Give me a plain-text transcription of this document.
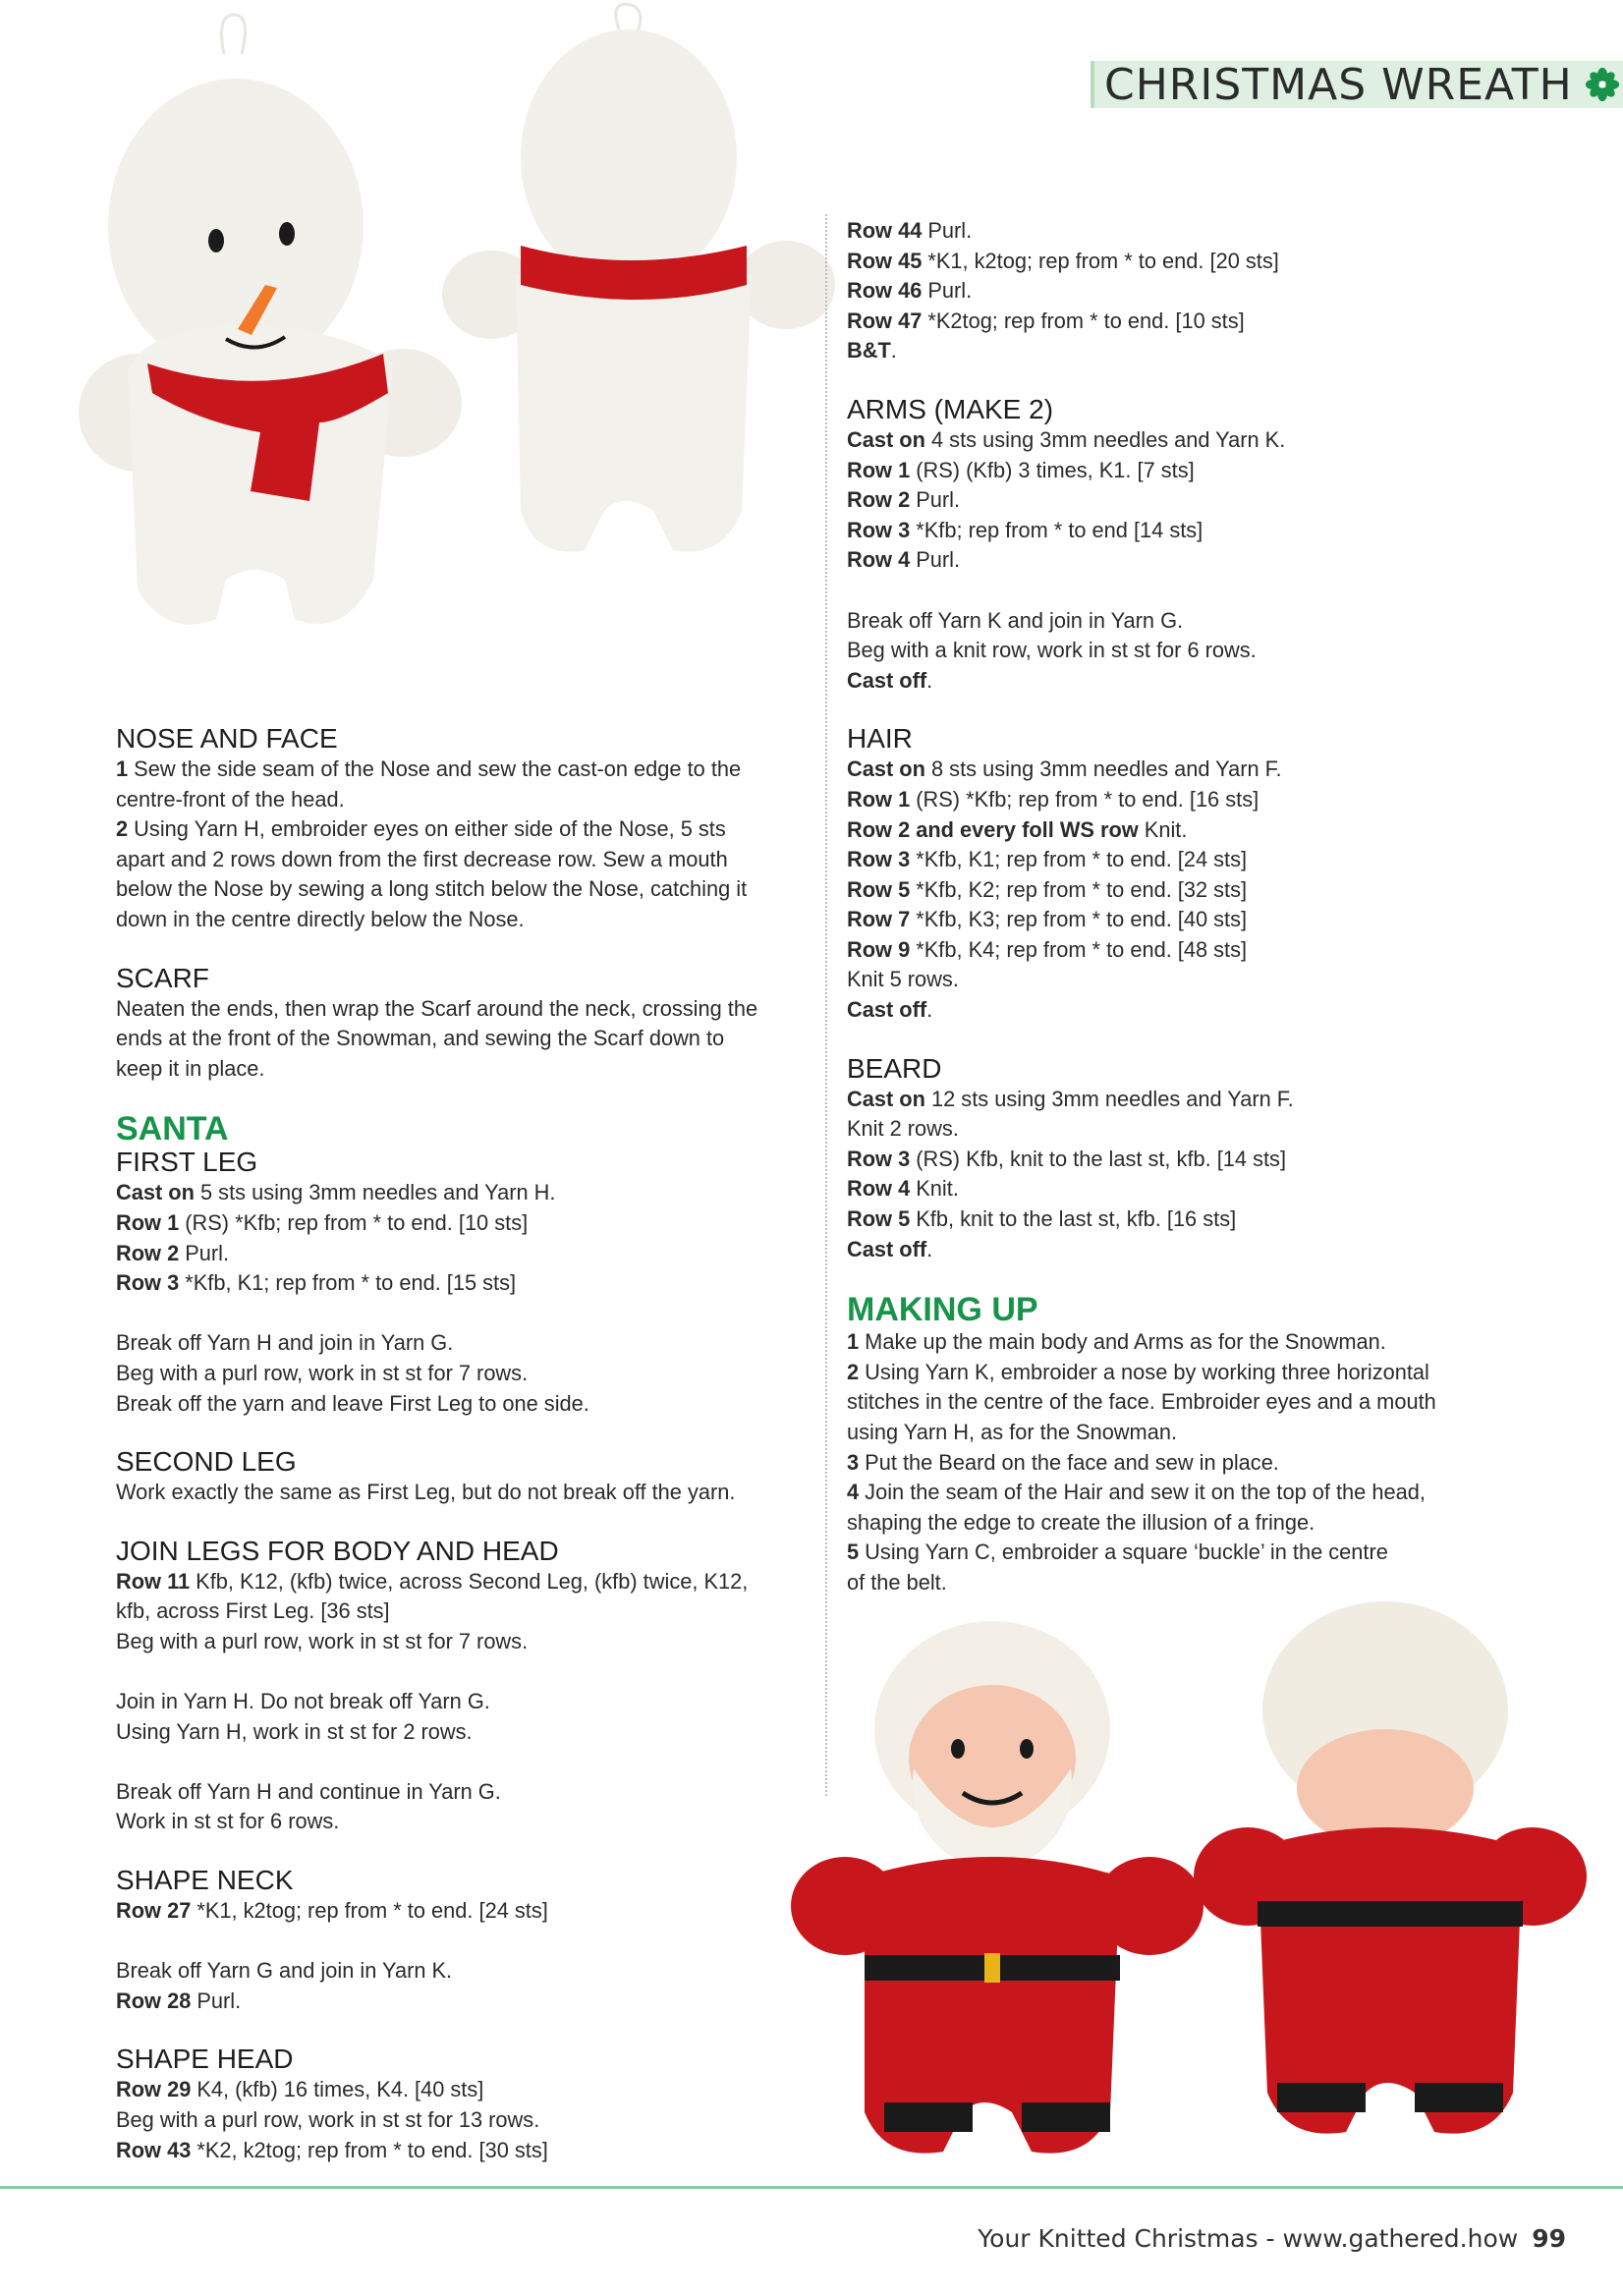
CHRISTMAS WREATH

NOSE AND FACE

1 Sew the side seam of the Nose and sew the cast-on edge to the

centre-front of the head.

2 Using Yarn H, embroider eyes on either side of the Nose, 5 sts

apart and 2 rows down from the first decrease row. Sew a mouth

below the Nose by sewing a long stitch below the Nose, catching it

down in the centre directly below the Nose.

SCARF

Neaten the ends, then wrap the Scarf around the neck, crossing the

ends at the front of the Snowman, and sewing the Scarf down to

keep it in place.

SANTA

FIRST LEG

Cast on 5 sts using 3mm needles and Yarn H.

Row 1 (RS) *Kfb; rep from * to end. [10 sts]

Row 2 Purl.

Row 3 *Kfb, K1; rep from * to end. [15 sts]

Break off Yarn H and join in Yarn G.

Beg with a purl row, work in st st for 7 rows.

Break off the yarn and leave First Leg to one side.

SECOND LEG

Work exactly the same as First Leg, but do not break off the yarn.

JOIN LEGS FOR BODY AND HEAD

Row 11 Kfb, K12, (kfb) twice, across Second Leg, (kfb) twice, K12,

kfb, across First Leg. [36 sts]

Beg with a purl row, work in st st for 7 rows.

Join in Yarn H. Do not break off Yarn G.

Using Yarn H, work in st st for 2 rows.

Break off Yarn H and continue in Yarn G.

Work in st st for 6 rows.

SHAPE NECK

Row 27 *K1, k2tog; rep from * to end. [24 sts]

Break off Yarn G and join in Yarn K.

Row 28 Purl.

SHAPE HEAD

Row 29 K4, (kfb) 16 times, K4. [40 sts]

Beg with a purl row, work in st st for 13 rows.

Row 43 *K2, k2tog; rep from * to end. [30 sts]

Row 44 Purl.

Row 45 *K1, k2tog; rep from * to end. [20 sts]

Row 46 Purl.

Row 47 *K2tog; rep from * to end. [10 sts]

B&T.

ARMS (MAKE 2)

Cast on 4 sts using 3mm needles and Yarn K.

Row 1 (RS) (Kfb) 3 times, K1. [7 sts]

Row 2 Purl.

Row 3 *Kfb; rep from * to end [14 sts]

Row 4 Purl.

Break off Yarn K and join in Yarn G.

Beg with a knit row, work in st st for 6 rows.

Cast off.

HAIR

Cast on 8 sts using 3mm needles and Yarn F.

Row 1 (RS) *Kfb; rep from * to end. [16 sts]

Row 2 and every foll WS row Knit.

Row 3 *Kfb, K1; rep from * to end. [24 sts]

Row 5 *Kfb, K2; rep from * to end. [32 sts]

Row 7 *Kfb, K3; rep from * to end. [40 sts]

Row 9 *Kfb, K4; rep from * to end. [48 sts]

Knit 5 rows.

Cast off.

BEARD

Cast on 12 sts using 3mm needles and Yarn F.

Knit 2 rows.

Row 3 (RS) Kfb, knit to the last st, kfb. [14 sts]

Row 4 Knit.

Row 5 Kfb, knit to the last st, kfb. [16 sts]

Cast off.

MAKING UP

1 Make up the main body and Arms as for the Snowman.

2 Using Yarn K, embroider a nose by working three horizontal

stitches in the centre of the face. Embroider eyes and a mouth

using Yarn H, as for the Snowman.

3 Put the Beard on the face and sew in place.

4 Join the seam of the Hair and sew it on the top of the head,

shaping the edge to create the illusion of a fringe.

5 Using Yarn C, embroider a square ‘buckle’ in the centre

of the belt.

Your Knitted Christmas - www.gathered.how 99
